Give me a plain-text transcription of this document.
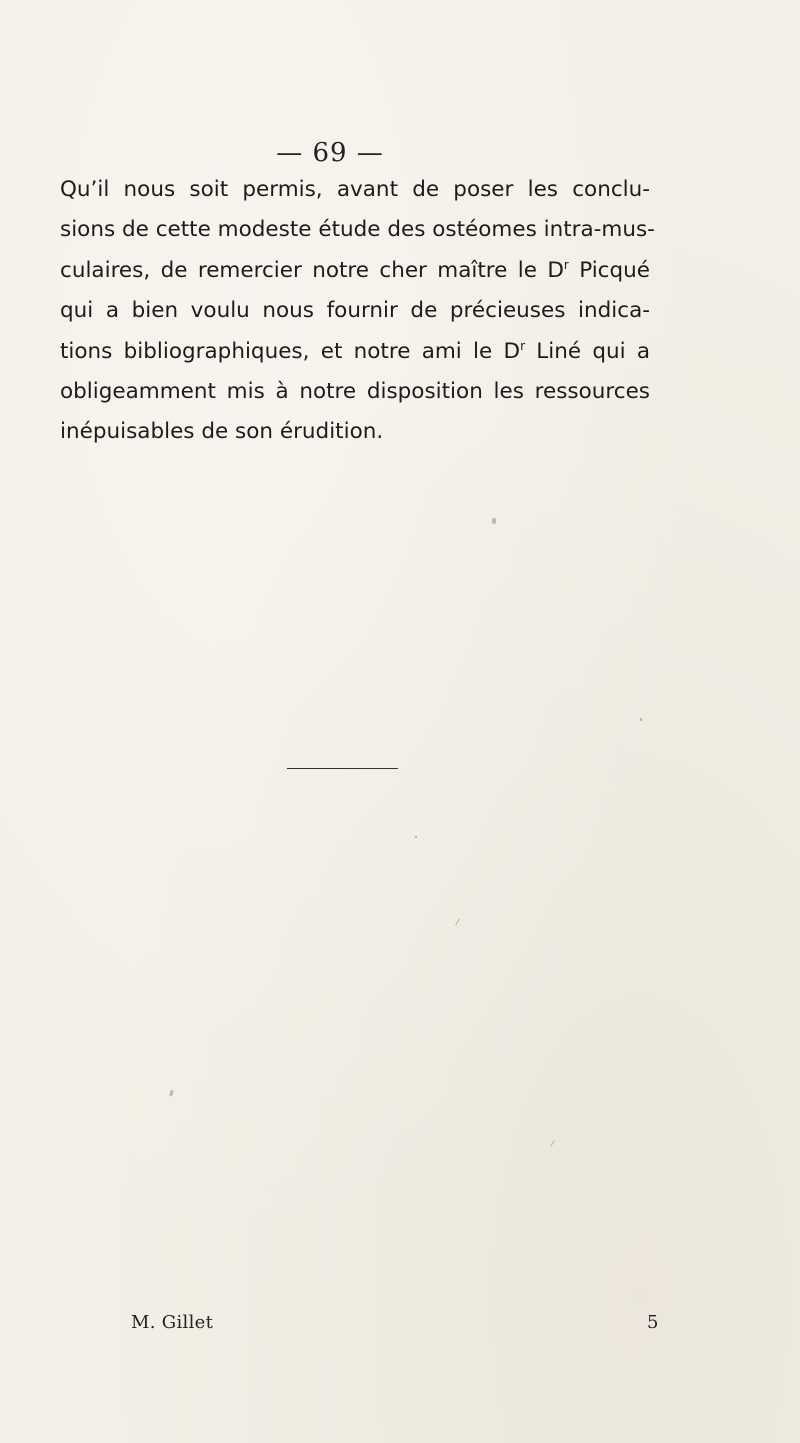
— 69 —

Qu’il nous soit permis, avant de poser les conclu-
sions de cette modeste étude des ostéomes intra-mus-
culaires, de remercier notre cher maître le $D^r$ Picqué
qui a bien voulu nous fournir de précieuses indica-
tions bibliographiques, et notre ami le $D^r$ Liné qui a
obligeamment mis à notre disposition les ressources
inépuisables de son érudition.

M. Gillet	5
